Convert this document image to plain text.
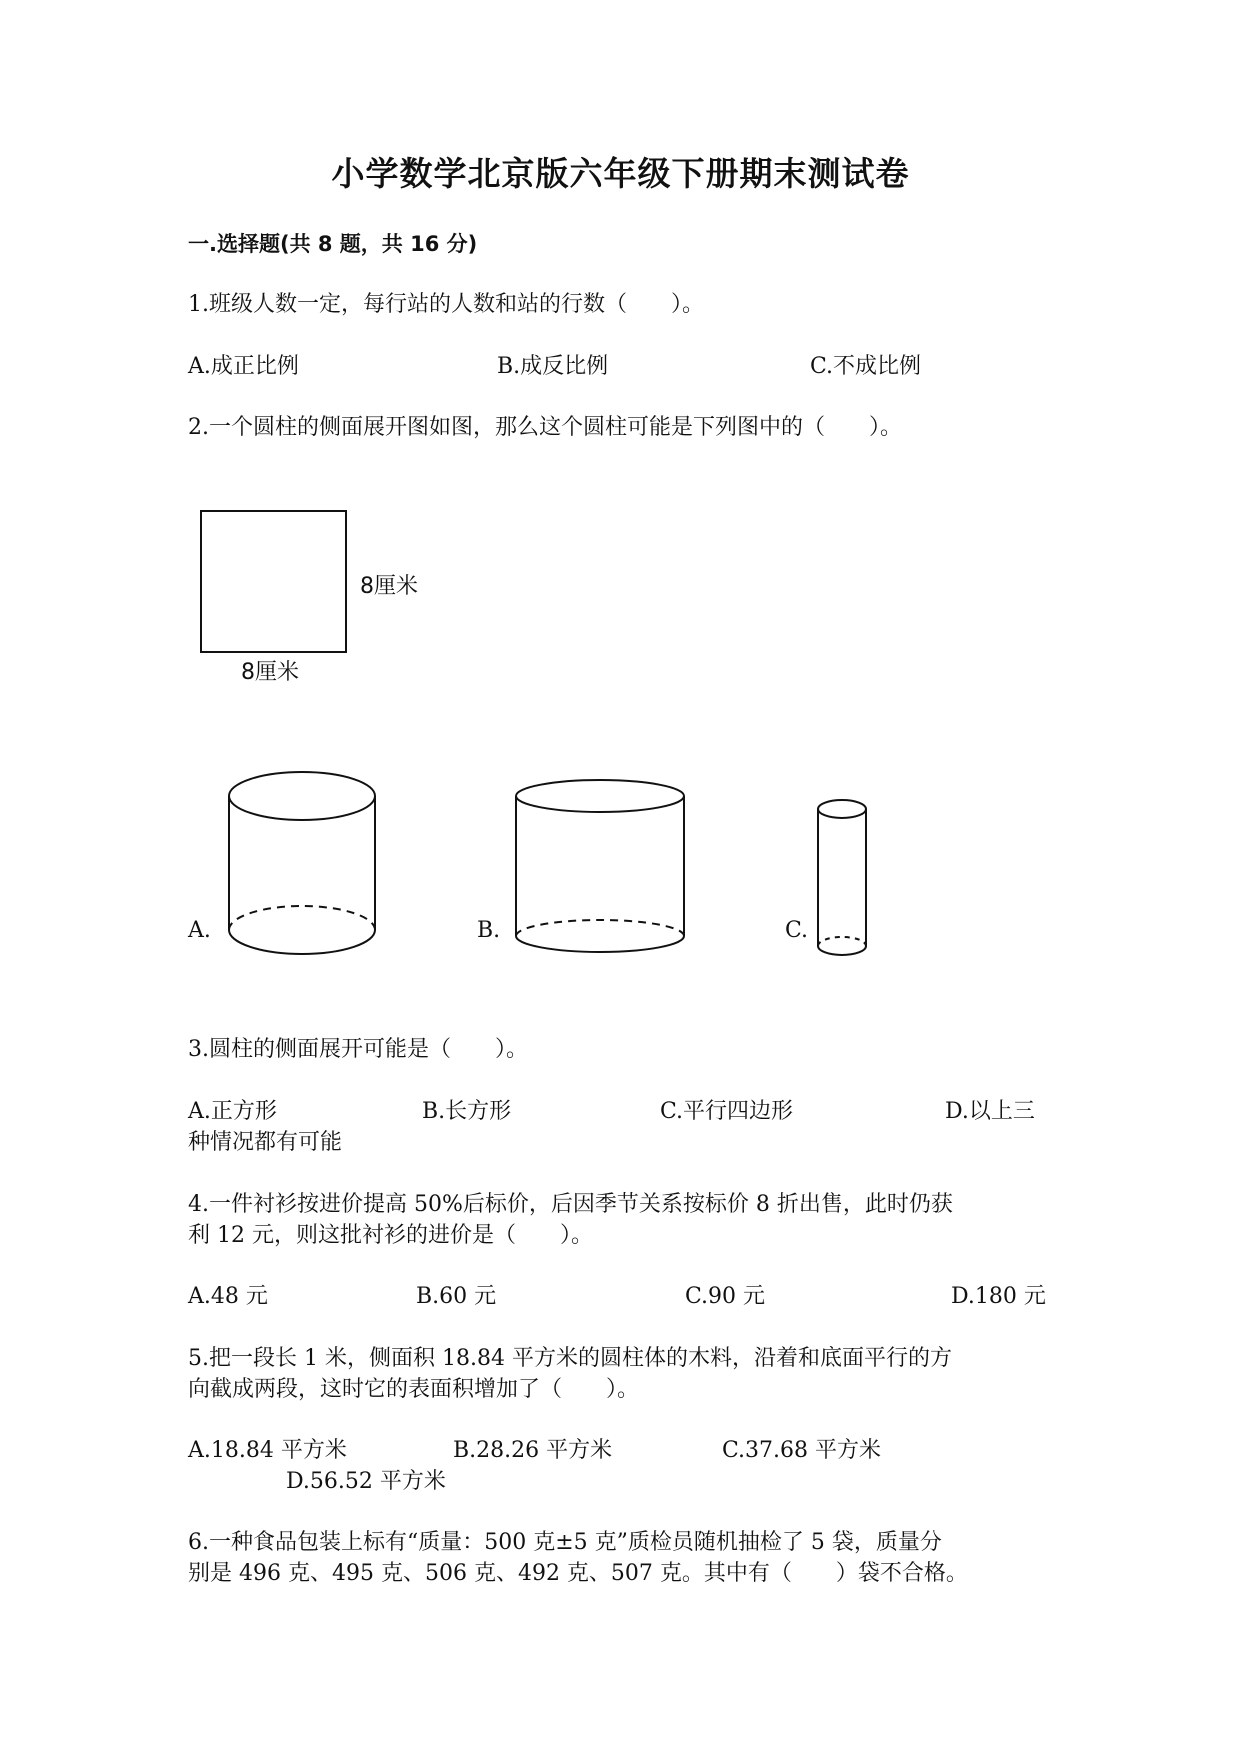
小学数学北京版六年级下册期末测试卷
一.选择题(共 8 题，共 16 分)
1.班级人数一定，每行站的人数和站的行数（　　）。
A.成正比例	B.成反比例	C.不成比例
2.一个圆柱的侧面展开图如图，那么这个圆柱可能是下列图中的（　　）。
8厘米
8厘米
A.	B.	C.
3.圆柱的侧面展开可能是（　　）。
A.正方形	B.长方形	C.平行四边形	D.以上三
种情况都有可能
4.一件衬衫按进价提高 50%后标价，后因季节关系按标价 8 折出售，此时仍获
利 12 元，则这批衬衫的进价是（　　）。
A.48 元	B.60 元	C.90 元	D.180 元
5.把一段长 1 米，侧面积 18.84 平方米的圆柱体的木料，沿着和底面平行的方
向截成两段，这时它的表面积增加了（　　）。
A.18.84 平方米	B.28.26 平方米	C.37.68 平方米
D.56.52 平方米
6.一种食品包装上标有“质量：500 克±5 克”质检员随机抽检了 5 袋，质量分
别是 496 克、495 克、506 克、492 克、507 克。其中有（　　）袋不合格。
